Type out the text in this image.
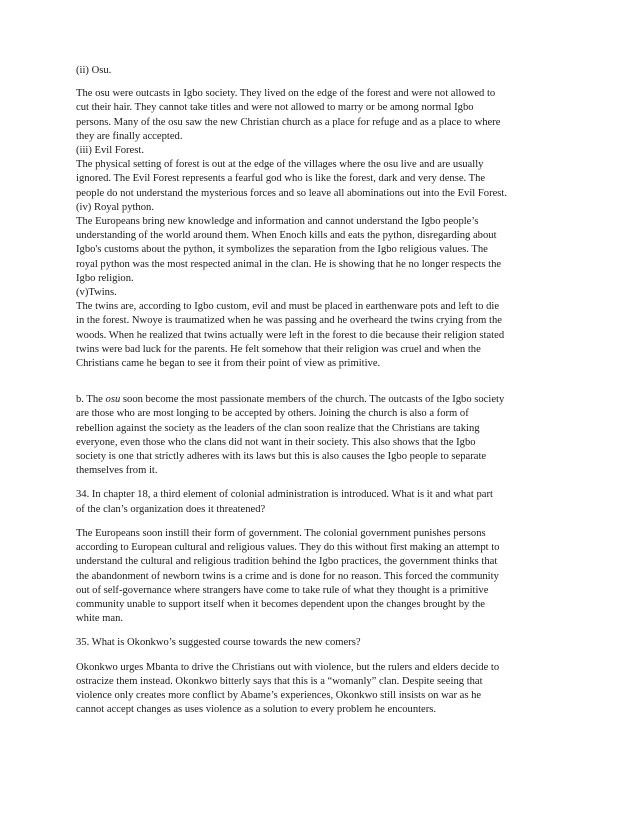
(ii) Osu.

The osu were outcasts in Igbo society. They lived on the edge of the forest and were not allowed to
cut their hair. They cannot take titles and were not allowed to marry or be among normal Igbo
persons. Many of the osu saw the new Christian church as a place for refuge and as a place to where
they are finally accepted.

(iii) Evil Forest.

The physical setting of forest is out at the edge of the villages where the osu live and are usually
ignored. The Evil Forest represents a fearful god who is like the forest, dark and very dense. The
people do not understand the mysterious forces and so leave all abominations out into the Evil Forest.

(iv) Royal python.

The Europeans bring new knowledge and information and cannot understand the Igbo people’s
understanding of the world around them. When Enoch kills and eats the python, disregarding about
Igbo's customs about the python, it symbolizes the separation from the Igbo religious values. The
royal python was the most respected animal in the clan. He is showing that he no longer respects the
Igbo religion.

(v)Twins.

The twins are, according to Igbo custom, evil and must be placed in earthenware pots and left to die
in the forest. Nwoye is traumatized when he was passing and he overheard the twins crying from the
woods. When he realized that twins actually were left in the forest to die because their religion stated
twins were bad luck for the parents. He felt somehow that their religion was cruel and when the
Christians came he began to see it from their point of view as primitive.

b. The osu soon become the most passionate members of the church. The outcasts of the Igbo society
are those who are most longing to be accepted by others. Joining the church is also a form of
rebellion against the society as the leaders of the clan soon realize that the Christians are taking
everyone, even those who the clans did not want in their society. This also shows that the Igbo
society is one that strictly adheres with its laws but this is also causes the Igbo people to separate
themselves from it.

34. In chapter 18, a third element of colonial administration is introduced. What is it and what part
of the clan’s organization does it threatened?

The Europeans soon instill their form of government. The colonial government punishes persons
according to European cultural and religious values. They do this without first making an attempt to
understand the cultural and religious tradition behind the Igbo practices, the government thinks that
the abandonment of newborn twins is a crime and is done for no reason. This forced the community
out of self-governance where strangers have come to take rule of what they thought is a primitive
community unable to support itself when it becomes dependent upon the changes brought by the
white man.

35. What is Okonkwo’s suggested course towards the new comers?

Okonkwo urges Mbanta to drive the Christians out with violence, but the rulers and elders decide to
ostracize them instead. Okonkwo bitterly says that this is a “womanly” clan. Despite seeing that
violence only creates more conflict by Abame’s experiences, Okonkwo still insists on war as he
cannot accept changes as uses violence as a solution to every problem he encounters.
